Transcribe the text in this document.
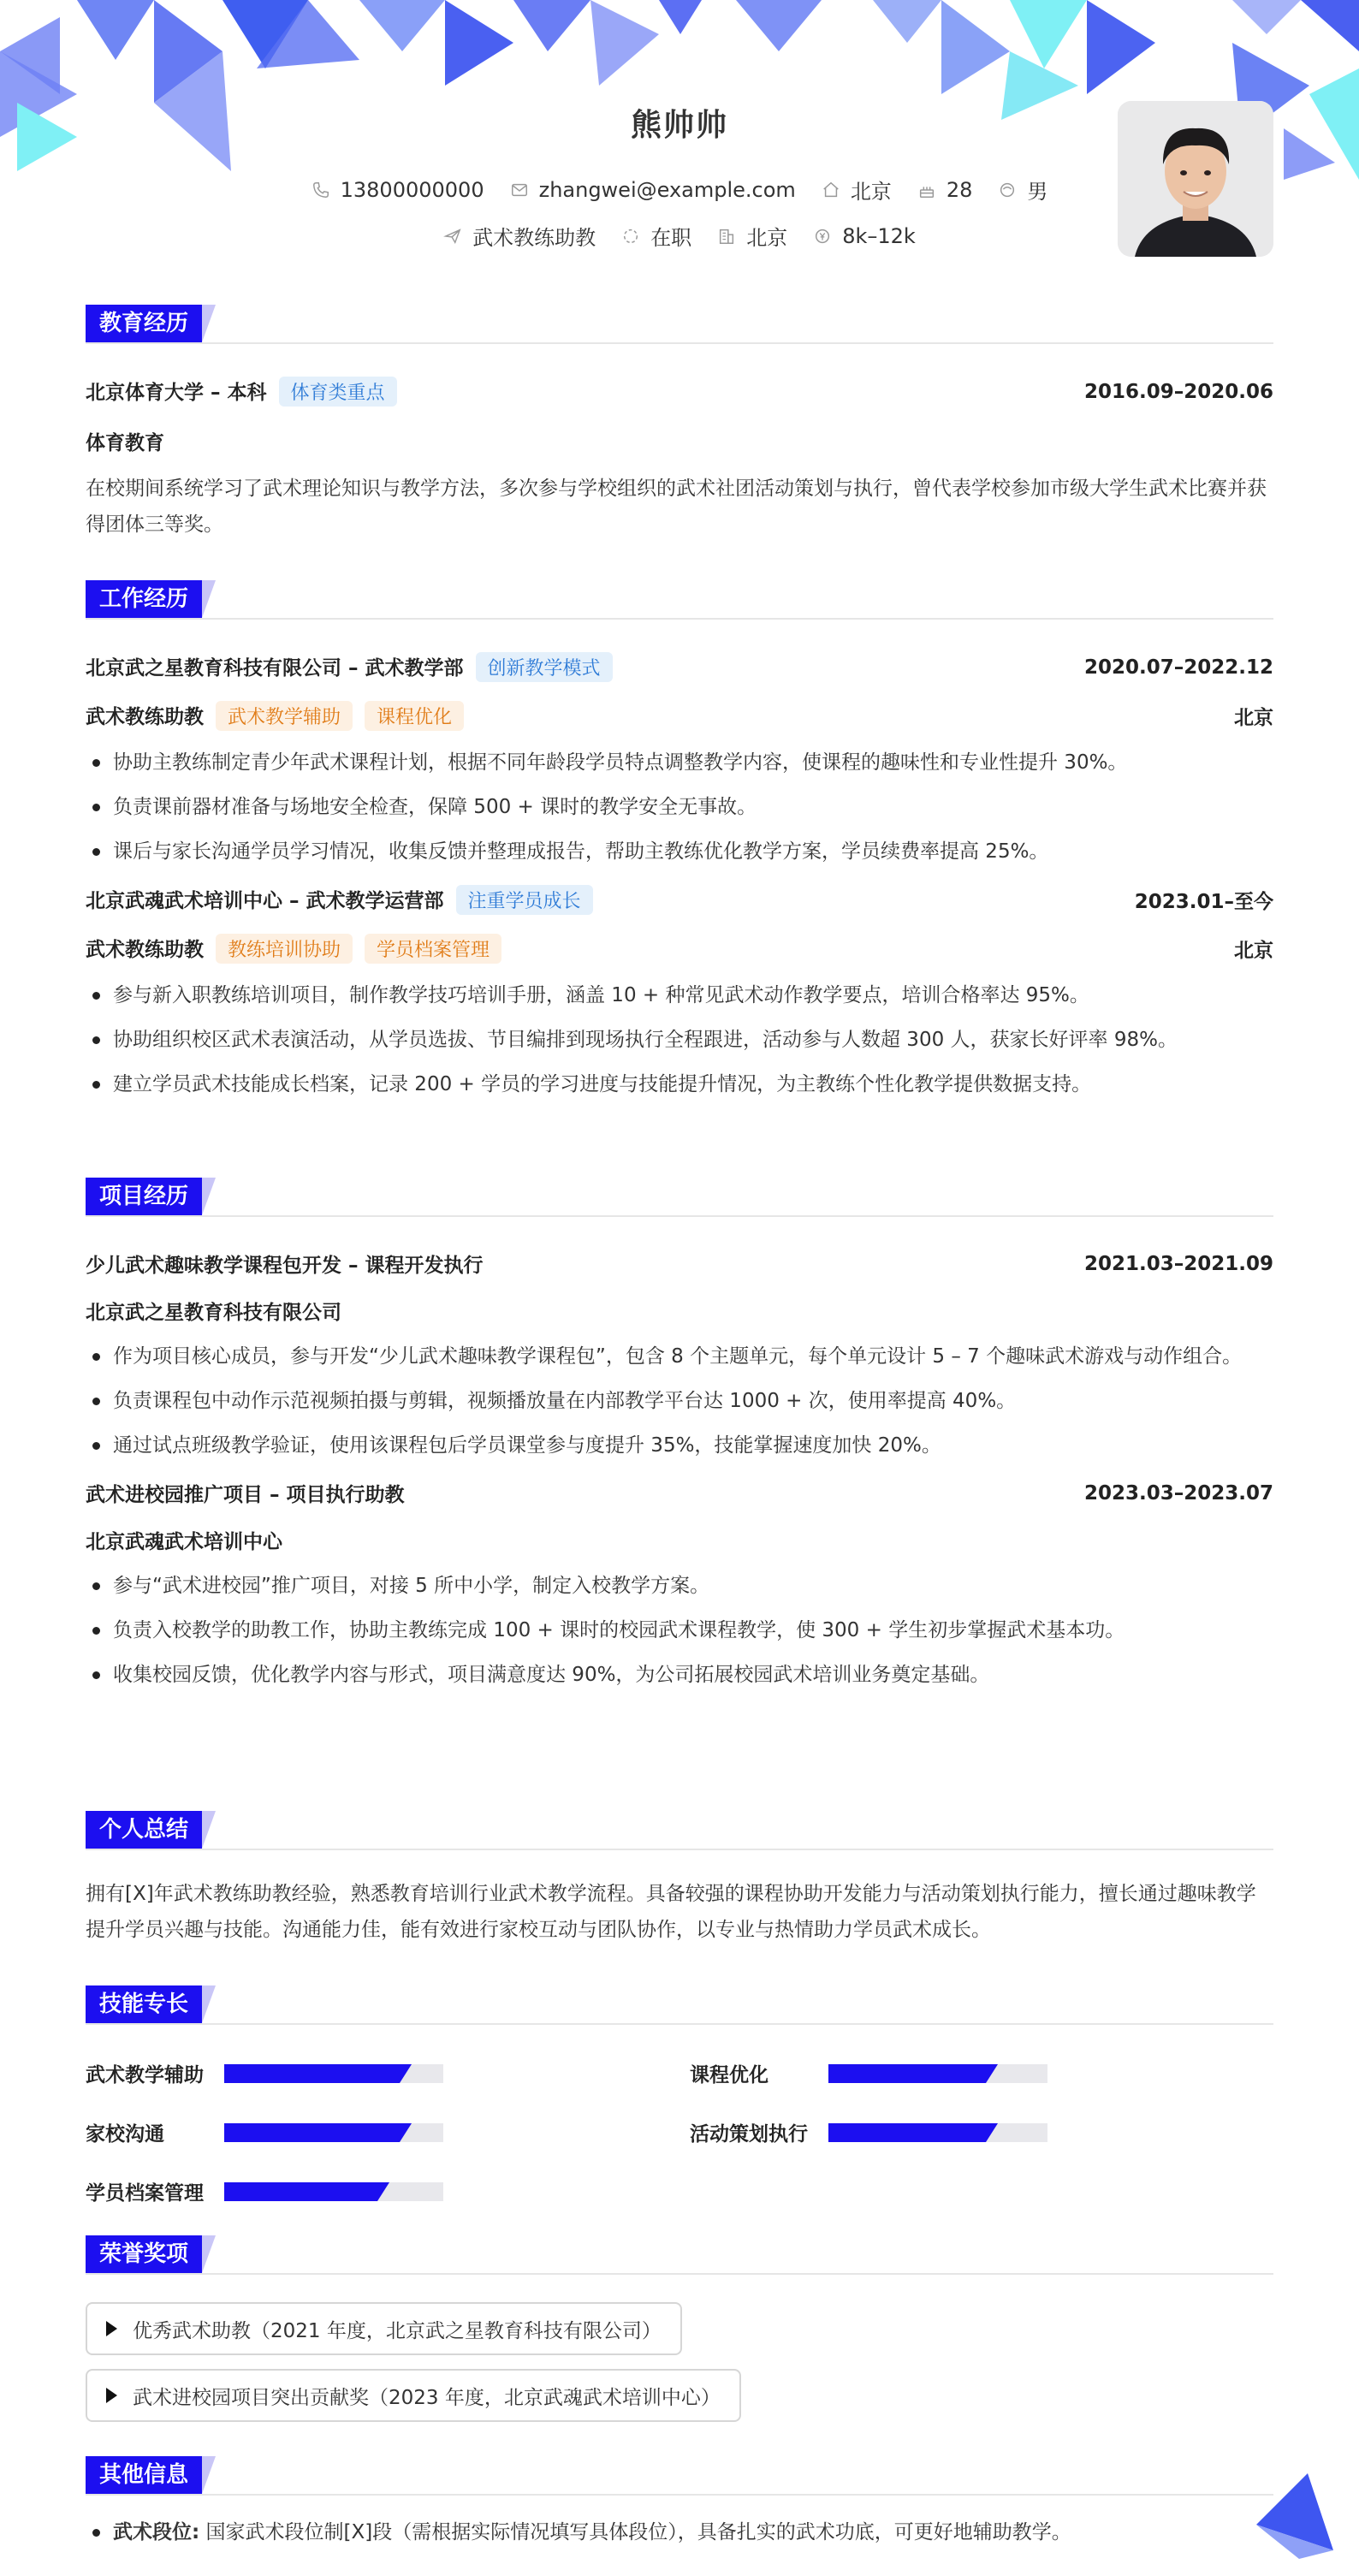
熊帅帅
13800000000	zhangwei@example.com	北京	28	男
武术教练助教	在职	北京	8k–12k
教育经历
北京体育大学 – 本科 体育类重点	2016.09–2020.06
体育教育
在校期间系统学习了武术理论知识与教学方法，多次参与学校组织的武术社团活动策划与执行，曾代表学校参加市级大学生武术比赛并获得团体三等奖。
工作经历
北京武之星教育科技有限公司 – 武术教学部 创新教学模式	2020.07–2022.12
武术教练助教 武术教学辅助 课程优化	北京
协助主教练制定青少年武术课程计划，根据不同年龄段学员特点调整教学内容，使课程的趣味性和专业性提升 30%。
负责课前器材准备与场地安全检查，保障 500 + 课时的教学安全无事故。
课后与家长沟通学员学习情况，收集反馈并整理成报告，帮助主教练优化教学方案，学员续费率提高 25%。
北京武魂武术培训中心 – 武术教学运营部 注重学员成长	2023.01–至今
武术教练助教 教练培训协助 学员档案管理	北京
参与新入职教练培训项目，制作教学技巧培训手册，涵盖 10 + 种常见武术动作教学要点，培训合格率达 95%。
协助组织校区武术表演活动，从学员选拔、节目编排到现场执行全程跟进，活动参与人数超 300 人，获家长好评率 98%。
建立学员武术技能成长档案，记录 200 + 学员的学习进度与技能提升情况，为主教练个性化教学提供数据支持。
项目经历
少儿武术趣味教学课程包开发 – 课程开发执行	2021.03–2021.09
北京武之星教育科技有限公司
作为项目核心成员，参与开发“少儿武术趣味教学课程包”，包含 8 个主题单元，每个单元设计 5 – 7 个趣味武术游戏与动作组合。
负责课程包中动作示范视频拍摄与剪辑，视频播放量在内部教学平台达 1000 + 次，使用率提高 40%。
通过试点班级教学验证，使用该课程包后学员课堂参与度提升 35%，技能掌握速度加快 20%。
武术进校园推广项目 – 项目执行助教	2023.03–2023.07
北京武魂武术培训中心
参与“武术进校园”推广项目，对接 5 所中小学，制定入校教学方案。
负责入校教学的助教工作，协助主教练完成 100 + 课时的校园武术课程教学，使 300 + 学生初步掌握武术基本功。
收集校园反馈，优化教学内容与形式，项目满意度达 90%，为公司拓展校园武术培训业务奠定基础。
个人总结
拥有[X]年武术教练助教经验，熟悉教育培训行业武术教学流程。具备较强的课程协助开发能力与活动策划执行能力，擅长通过趣味教学提升学员兴趣与技能。沟通能力佳，能有效进行家校互动与团队协作，以专业与热情助力学员武术成长。
技能专长
武术教学辅助	课程优化
家校沟通	活动策划执行
学员档案管理
荣誉奖项
优秀武术助教（2021 年度，北京武之星教育科技有限公司）
武术进校园项目突出贡献奖（2023 年度，北京武魂武术培训中心）
其他信息
武术段位: 国家武术段位制[X]段（需根据实际情况填写具体段位），具备扎实的武术功底，可更好地辅助教学。
